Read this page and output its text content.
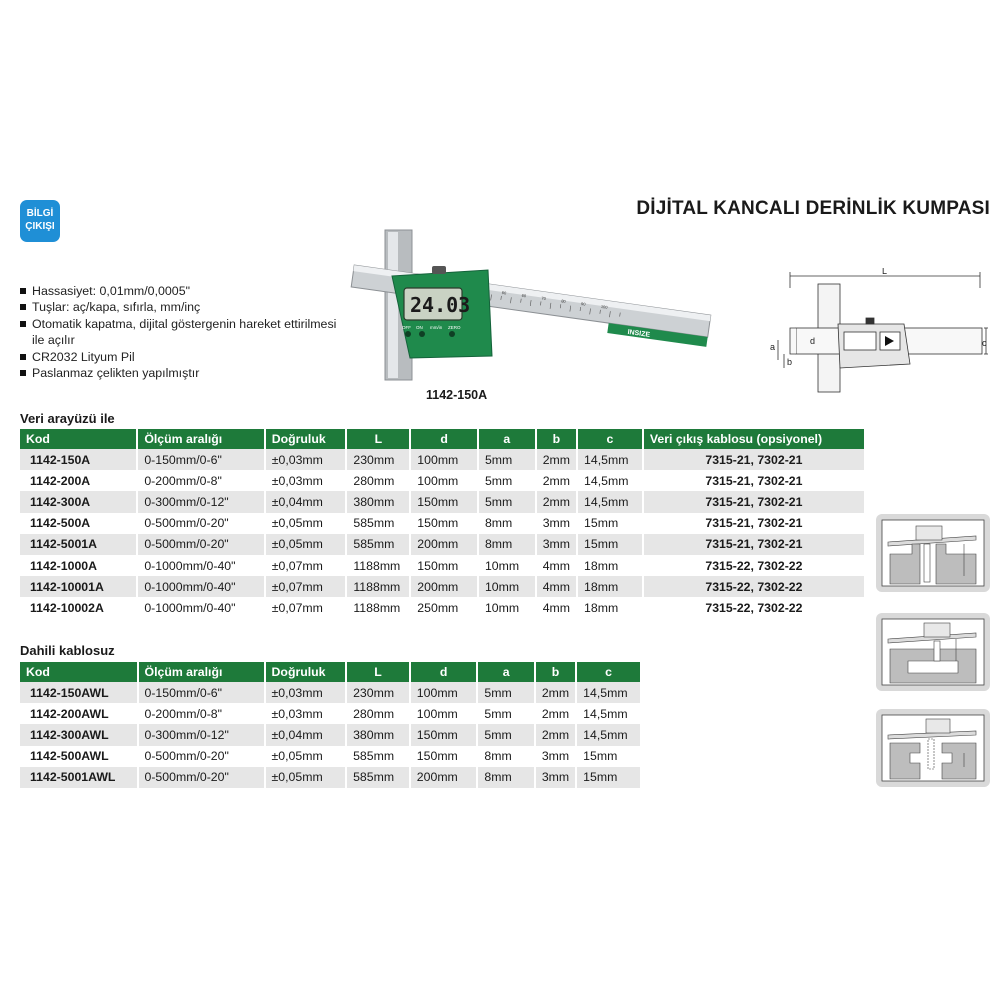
BİLGİ
ÇIKIŞI
DİJİTAL KANCALI DERİNLİK KUMPASI
Hassasiyet: 0,01mm/0,0005"
Tuşlar: aç/kapa, sıfırla, mm/inç
Otomatik kapatma, dijital göstergenin hareket ettirilmesi ile açılır
CR2032 Lityum Pil
Paslanmaz çelikten yapılmıştır
50	60	70	80	90	100
INSIZE
24.03
OFF ON mm/in ZERO
1142-150A
L
d
a
b
c
Veri arayüzü ile
Kod	Ölçüm aralığı	Doğruluk	L	d	a	b	c	Veri çıkış kablosu (opsiyonel)
1142-150A	0-150mm/0-6"	±0,03mm	230mm	100mm	5mm	2mm	14,5mm	7315-21, 7302-21
1142-200A	0-200mm/0-8"	±0,03mm	280mm	100mm	5mm	2mm	14,5mm	7315-21, 7302-21
1142-300A	0-300mm/0-12"	±0,04mm	380mm	150mm	5mm	2mm	14,5mm	7315-21, 7302-21
1142-500A	0-500mm/0-20"	±0,05mm	585mm	150mm	8mm	3mm	15mm	7315-21, 7302-21
1142-5001A	0-500mm/0-20"	±0,05mm	585mm	200mm	8mm	3mm	15mm	7315-21, 7302-21
1142-1000A	0-1000mm/0-40"	±0,07mm	1188mm	150mm	10mm	4mm	18mm	7315-22, 7302-22
1142-10001A	0-1000mm/0-40"	±0,07mm	1188mm	200mm	10mm	4mm	18mm	7315-22, 7302-22
1142-10002A	0-1000mm/0-40"	±0,07mm	1188mm	250mm	10mm	4mm	18mm	7315-22, 7302-22
Dahili kablosuz
Kod	Ölçüm aralığı	Doğruluk	L	d	a	b	c
1142-150AWL	0-150mm/0-6"	±0,03mm	230mm	100mm	5mm	2mm	14,5mm
1142-200AWL	0-200mm/0-8"	±0,03mm	280mm	100mm	5mm	2mm	14,5mm
1142-300AWL	0-300mm/0-12"	±0,04mm	380mm	150mm	5mm	2mm	14,5mm
1142-500AWL	0-500mm/0-20"	±0,05mm	585mm	150mm	8mm	3mm	15mm
1142-5001AWL	0-500mm/0-20"	±0,05mm	585mm	200mm	8mm	3mm	15mm
